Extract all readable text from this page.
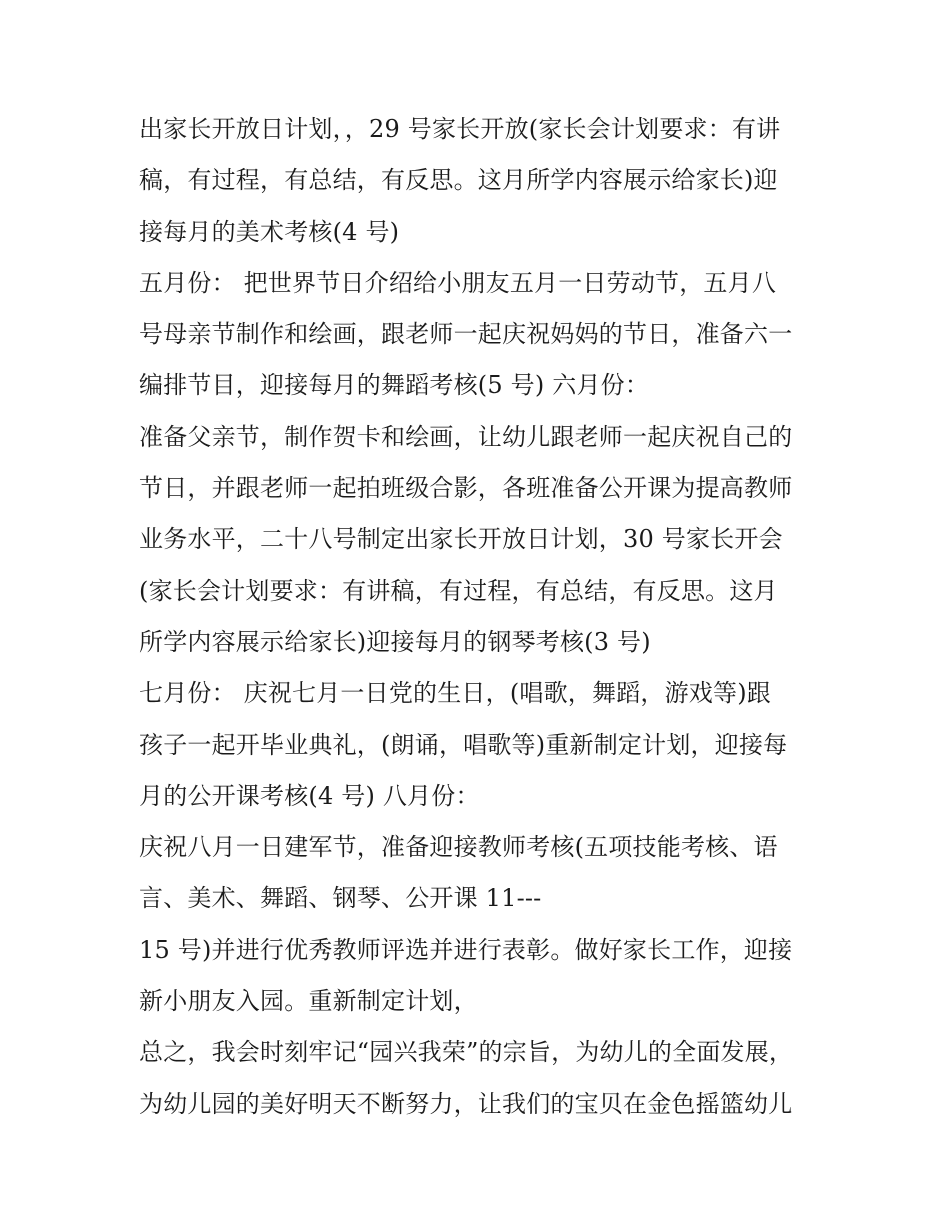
出家长开放日计划，，29 号家长开放(家长会计划要求：有讲
稿，有过程，有总结，有反思。这月所学内容展示给家长)迎
接每月的美术考核(4 号)
五月份： 把世界节日介绍给小朋友五月一日劳动节，五月八
号母亲节制作和绘画，跟老师一起庆祝妈妈的节日，准备六一
编排节目，迎接每月的舞蹈考核(5 号) 六月份：
准备父亲节，制作贺卡和绘画，让幼儿跟老师一起庆祝自己的
节日，并跟老师一起拍班级合影，各班准备公开课为提高教师
业务水平，二十八号制定出家长开放日计划，30 号家长开会
(家长会计划要求：有讲稿，有过程，有总结，有反思。这月
所学内容展示给家长)迎接每月的钢琴考核(3 号)
七月份： 庆祝七月一日党的生日，(唱歌，舞蹈，游戏等)跟
孩子一起开毕业典礼，(朗诵，唱歌等)重新制定计划，迎接每
月的公开课考核(4 号) 八月份：
庆祝八月一日建军节，准备迎接教师考核(五项技能考核、语
言、美术、舞蹈、钢琴、公开课 11---
15 号)并进行优秀教师评选并进行表彰。做好家长工作，迎接
新小朋友入园。重新制定计划，
总之，我会时刻牢记“园兴我荣”的宗旨，为幼儿的全面发展，
为幼儿园的美好明天不断努力，让我们的宝贝在金色摇篮幼儿
